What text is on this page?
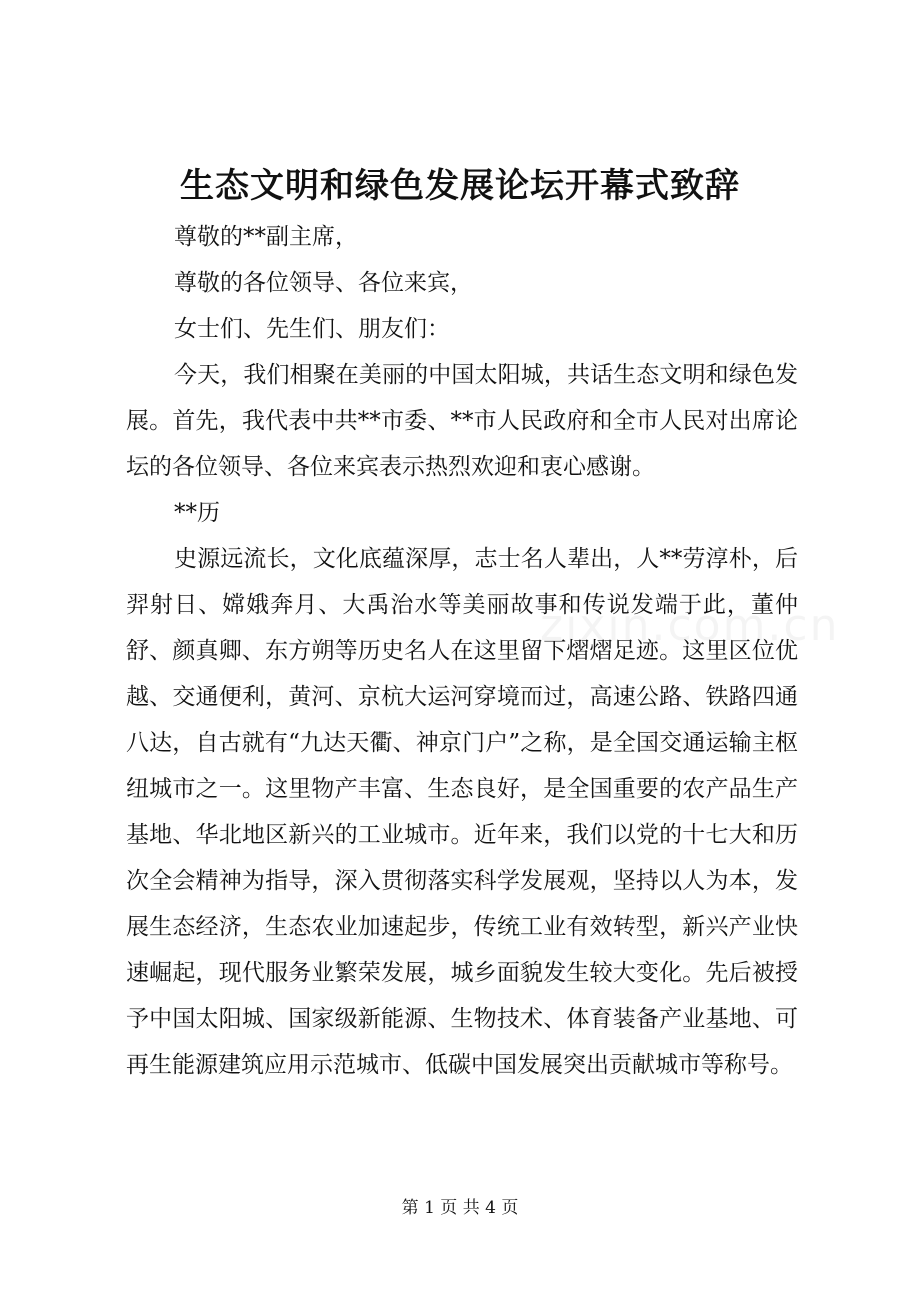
生态文明和绿色发展论坛开幕式致辞

尊敬的**副主席，

尊敬的各位领导、各位来宾，

女士们、先生们、朋友们：

今天，我们相聚在美丽的中国太阳城，共话生态文明和绿色发展。首先，我代表中共**市委、**市人民政府和全市人民对出席论坛的各位领导、各位来宾表示热烈欢迎和衷心感谢。

**历

史源远流长，文化底蕴深厚，志士名人辈出，人**劳淳朴，后羿射日、嫦娥奔月、大禹治水等美丽故事和传说发端于此，董仲舒、颜真卿、东方朔等历史名人在这里留下熠熠足迹。这里区位优越、交通便利，黄河、京杭大运河穿境而过，高速公路、铁路四通八达，自古就有“九达天衢、神京门户”之称，是全国交通运输主枢纽城市之一。这里物产丰富、生态良好，是全国重要的农产品生产基地、华北地区新兴的工业城市。近年来，我们以党的十七大和历次全会精神为指导，深入贯彻落实科学发展观，坚持以人为本，发展生态经济，生态农业加速起步，传统工业有效转型，新兴产业快速崛起，现代服务业繁荣发展，城乡面貌发生较大变化。先后被授予中国太阳城、国家级新能源、生物技术、体育装备产业基地、可再生能源建筑应用示范城市、低碳中国发展突出贡献城市等称号。

第 1 页 共 4 页
